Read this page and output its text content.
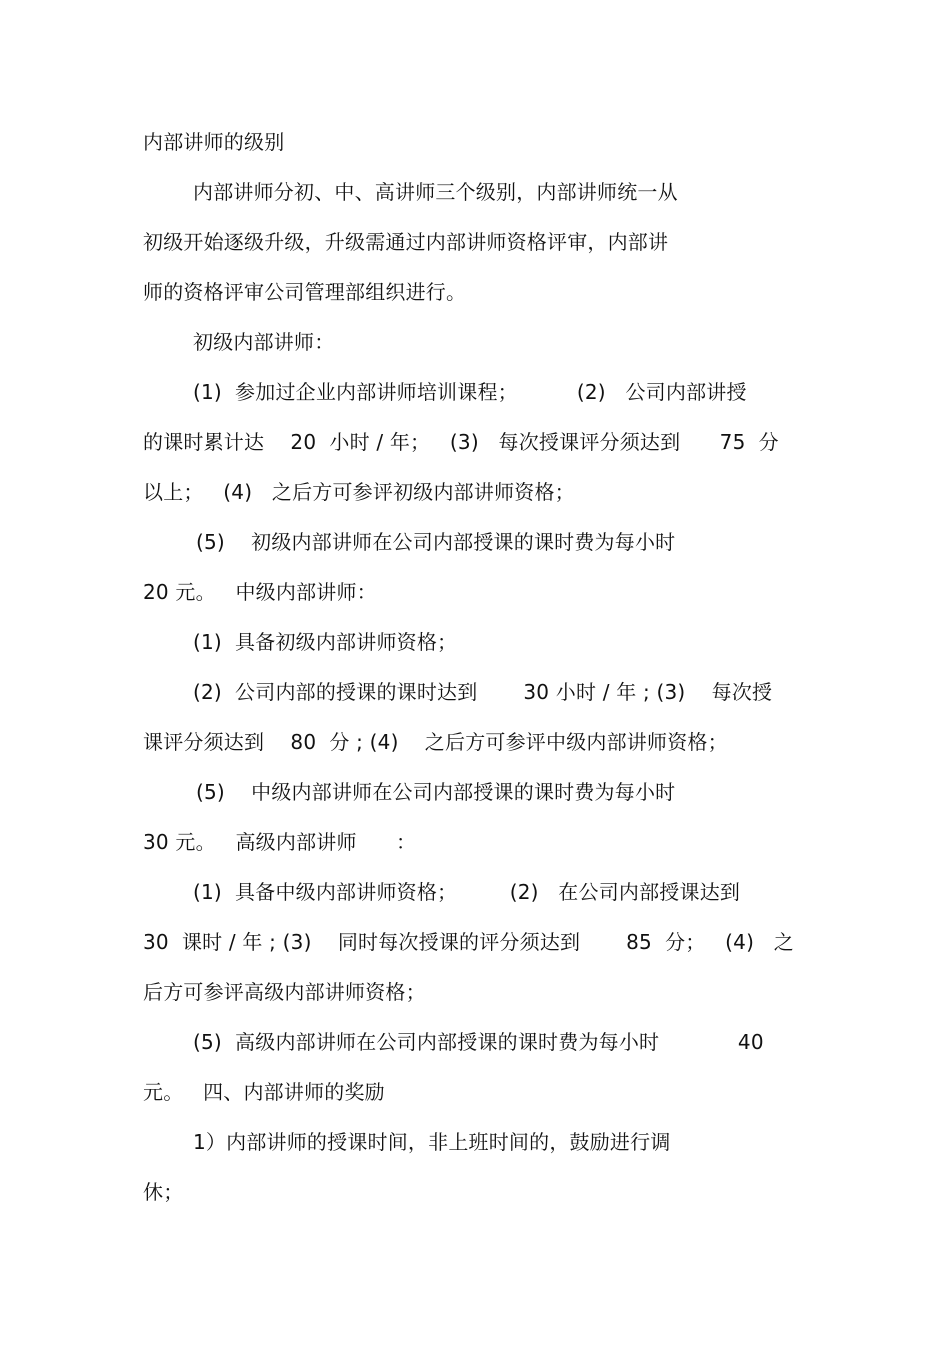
内部讲师的级别
内部讲师分初、中、高讲师三个级别，内部讲师统一从
初级开始逐级升级，升级需通过内部讲师资格评审，内部讲
师的资格评审公司管理部组织进行。
初级内部讲师：
(1)  参加过企业内部讲师培训课程；         (2)   公司内部讲授
的课时累计达    20  小时 / 年；   (3)   每次授课评分须达到      75  分
以上；   (4)   之后方可参评初级内部讲师资格；
(5)    初级内部讲师在公司内部授课的课时费为每小时
20 元。   中级内部讲师：
(1)  具备初级内部讲师资格；
(2)  公司内部的授课的课时达到       30 小时 / 年 ; (3)    每次授
课评分须达到    80  分 ; (4)    之后方可参评中级内部讲师资格；
(5)    中级内部讲师在公司内部授课的课时费为每小时
30 元。   高级内部讲师      ：
(1)  具备中级内部讲师资格；        (2)   在公司内部授课达到
30  课时 / 年 ; (3)    同时每次授课的评分须达到       85  分；   (4)   之
后方可参评高级内部讲师资格；
(5)  高级内部讲师在公司内部授课的课时费为每小时            40
元。   四、内部讲师的奖励
1）内部讲师的授课时间，非上班时间的，鼓励进行调
休；
